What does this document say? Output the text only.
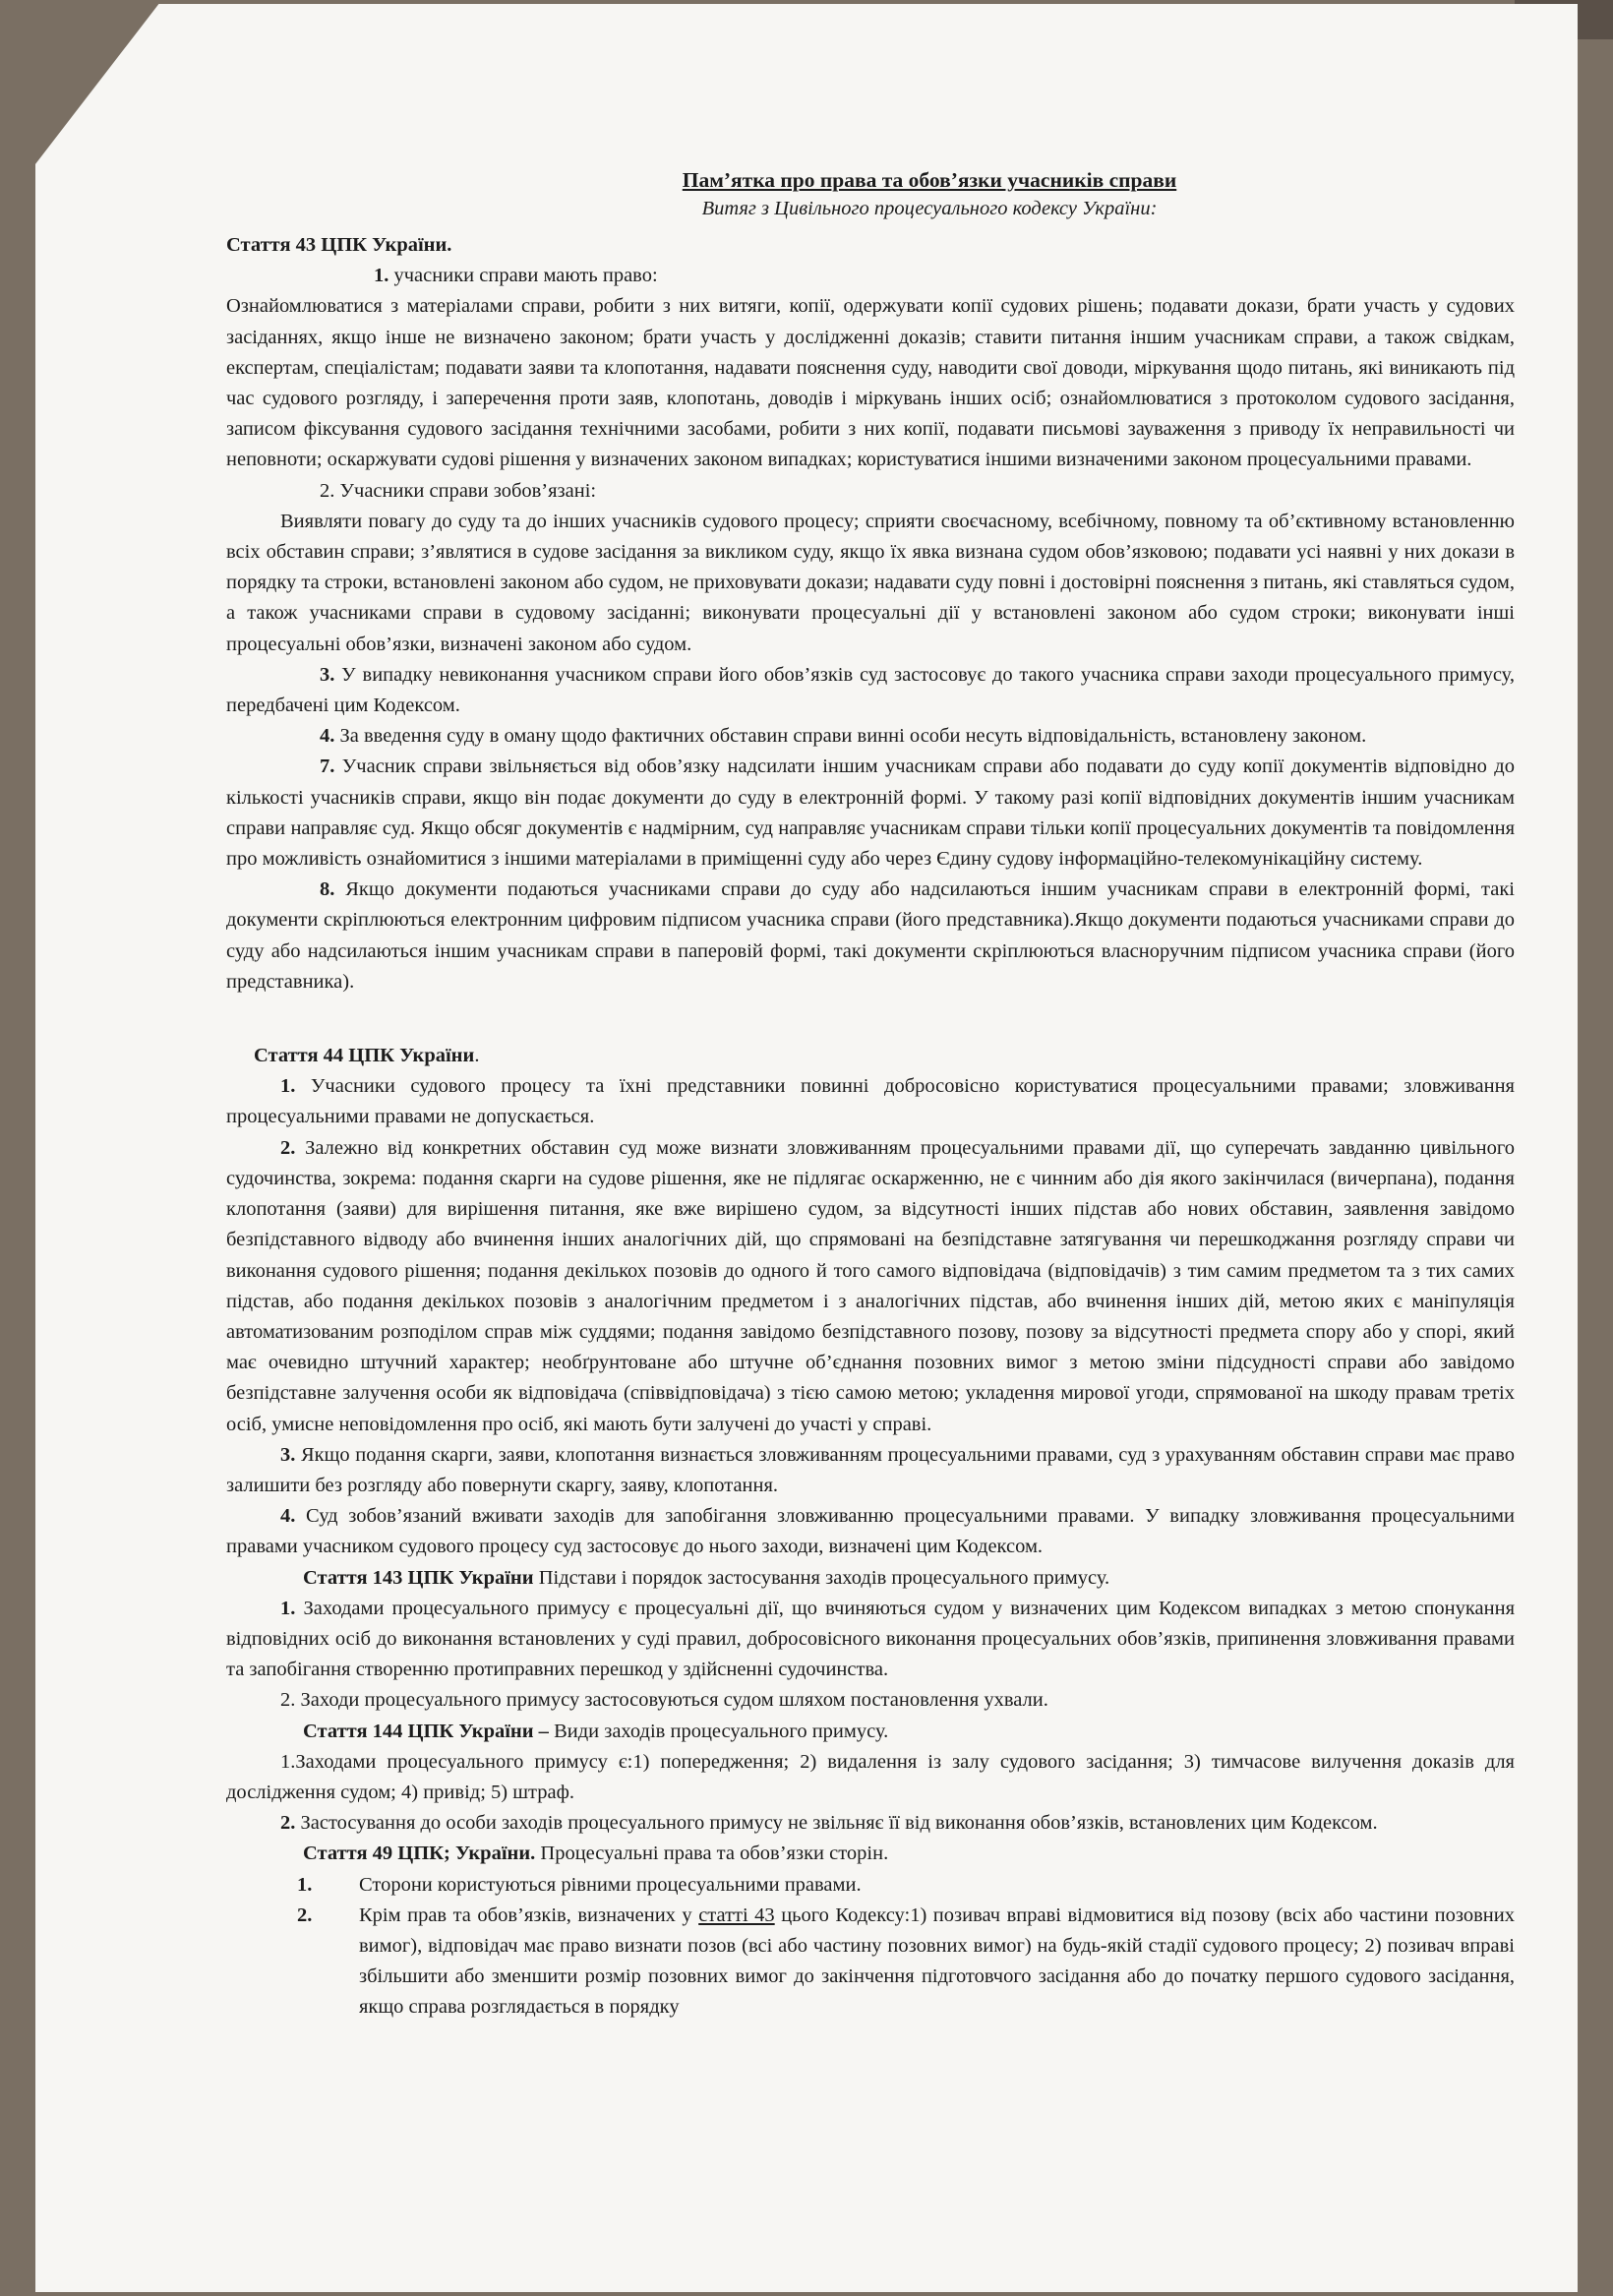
Пам’ятка про права та обов’язки учасників справи

Витяг з Цивільного процесуального кодексу України:

Стаття 43 ЦПК України.

1. учасники справи мають право:

Ознайомлюватися з матеріалами справи, робити з них витяги, копії, одержувати копії судових рішень; подавати докази, брати участь у судових засіданнях, якщо інше не визначено законом; брати участь у дослідженні доказів; ставити питання іншим учасникам справи, а також свідкам, експертам, спеціалістам; подавати заяви та клопотання, надавати пояснення суду, наводити свої доводи, міркування щодо питань, які виникають під час судового розгляду, і заперечення проти заяв, клопотань, доводів і міркувань інших осіб; ознайомлюватися з протоколом судового засідання, записом фіксування судового засідання технічними засобами, робити з них копії, подавати письмові зауваження з приводу їх неправильності чи неповноти; оскаржувати судові рішення у визначених законом випадках; користуватися іншими визначеними законом процесуальними правами.

2. Учасники справи зобов’язані:

Виявляти повагу до суду та до інших учасників судового процесу; сприяти своєчасному, всебічному, повному та об’єктивному встановленню всіх обставин справи; з’являтися в судове засідання за викликом суду, якщо їх явка визнана судом обов’язковою; подавати усі наявні у них докази в порядку та строки, встановлені законом або судом, не приховувати докази; надавати суду повні і достовірні пояснення з питань, які ставляться судом, а також учасниками справи в судовому засіданні; виконувати процесуальні дії у встановлені законом або судом строки; виконувати інші процесуальні обов’язки, визначені законом або судом.

3. У випадку невиконання учасником справи його обов’язків суд застосовує до такого учасника справи заходи процесуального примусу, передбачені цим Кодексом.

4. За введення суду в оману щодо фактичних обставин справи винні особи несуть відповідальність, встановлену законом.

7. Учасник справи звільняється від обов’язку надсилати іншим учасникам справи або подавати до суду копії документів відповідно до кількості учасників справи, якщо він подає документи до суду в електронній формі. У такому разі копії відповідних документів іншим учасникам справи направляє суд. Якщо обсяг документів є надмірним, суд направляє учасникам справи тільки копії процесуальних документів та повідомлення про можливість ознайомитися з іншими матеріалами в приміщенні суду або через Єдину судову інформаційно-телекомунікаційну систему.

8. Якщо документи подаються учасниками справи до суду або надсилаються іншим учасникам справи в електронній формі, такі документи скріплюються електронним цифровим підписом учасника справи (його представника).Якщо документи подаються учасниками справи до суду або надсилаються іншим учасникам справи в паперовій формі, такі документи скріплюються власноручним підписом учасника справи (його представника).

Стаття 44 ЦПК України.

1. Учасники судового процесу та їхні представники повинні добросовісно користуватися процесуальними правами; зловживання процесуальними правами не допускається.

2. Залежно від конкретних обставин суд може визнати зловживанням процесуальними правами дії, що суперечать завданню цивільного судочинства, зокрема: подання скарги на судове рішення, яке не підлягає оскарженню, не є чинним або дія якого закінчилася (вичерпана), подання клопотання (заяви) для вирішення питання, яке вже вирішено судом, за відсутності інших підстав або нових обставин, заявлення завідомо безпідставного відводу або вчинення інших аналогічних дій, що спрямовані на безпідставне затягування чи перешкоджання розгляду справи чи виконання судового рішення; подання декількох позовів до одного й того самого відповідача (відповідачів) з тим самим предметом та з тих самих підстав, або подання декількох позовів з аналогічним предметом і з аналогічних підстав, або вчинення інших дій, метою яких є маніпуляція автоматизованим розподілом справ між суддями; подання завідомо безпідставного позову, позову за відсутності предмета спору або у спорі, який має очевидно штучний характер; необґрунтоване або штучне об’єднання позовних вимог з метою зміни підсудності справи або завідомо безпідставне залучення особи як відповідача (співвідповідача) з тією самою метою; укладення мирової угоди, спрямованої на шкоду правам третіх осіб, умисне неповідомлення про осіб, які мають бути залучені до участі у справі.

3. Якщо подання скарги, заяви, клопотання визнається зловживанням процесуальними правами, суд з урахуванням обставин справи має право залишити без розгляду або повернути скаргу, заяву, клопотання.

4. Суд зобов’язаний вживати заходів для запобігання зловживанню процесуальними правами. У випадку зловживання процесуальними правами учасником судового процесу суд застосовує до нього заходи, визначені цим Кодексом.

Стаття 143 ЦПК України Підстави і порядок застосування заходів процесуального примусу.

1. Заходами процесуального примусу є процесуальні дії, що вчиняються судом у визначених цим Кодексом випадках з метою спонукання відповідних осіб до виконання встановлених у суді правил, добросовісного виконання процесуальних обов’язків, припинення зловживання правами та запобігання створенню протиправних перешкод у здійсненні судочинства.

2. Заходи процесуального примусу застосовуються судом шляхом постановлення ухвали.

Стаття 144 ЦПК України – Види заходів процесуального примусу.

1.Заходами процесуального примусу є:1) попередження; 2) видалення із залу судового засідання; 3) тимчасове вилучення доказів для дослідження судом; 4) привід; 5) штраф.

2. Застосування до особи заходів процесуального примусу не звільняє її від виконання обов’язків, встановлених цим Кодексом.

Стаття 49 ЦПК; України. Процесуальні права та обов’язки сторін.

1. Сторони користуються рівними процесуальними правами.
2. Крім прав та обов’язків, визначених у статті 43 цього Кодексу:1) позивач вправі відмовитися від позову (всіх або частини позовних вимог), відповідач має право визнати позов (всі або частину позовних вимог) на будь-якій стадії судового процесу; 2) позивач вправі збільшити або зменшити розмір позовних вимог до закінчення підготовчого засідання або до початку першого судового засідання, якщо справа розглядається в порядку
